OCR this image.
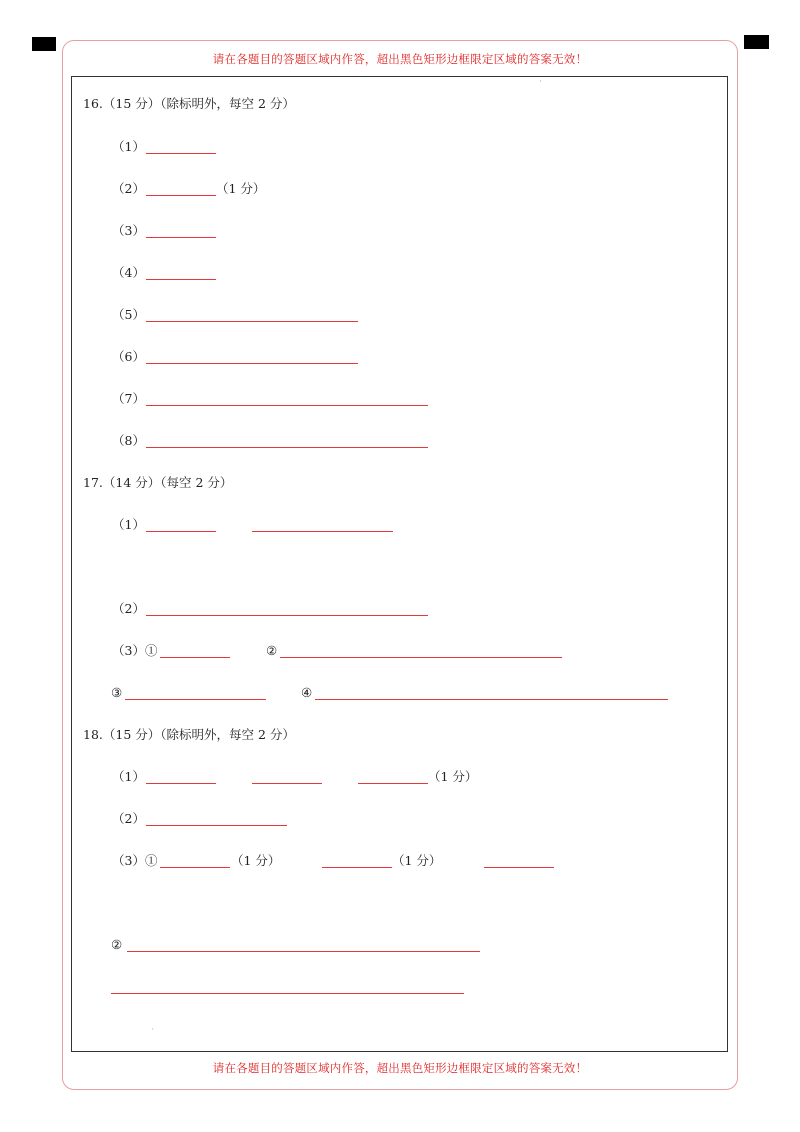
请在各题目的答题区域内作答，超出黑色矩形边框限定区域的答案无效！
请在各题目的答题区域内作答，超出黑色矩形边框限定区域的答案无效！
'
'
16.（15 分）（除标明外，每空 2 分）
（1）
（2）	（1 分）
（3）
（4）
（5）
（6）
（7）
（8）
17.（14 分）（每空 2 分）
（1）
（2）
（3）①	②
③	④
18.（15 分）（除标明外，每空 2 分）
（1）	（1 分）
（2）
（3）①	（1 分）	（1 分）
②
